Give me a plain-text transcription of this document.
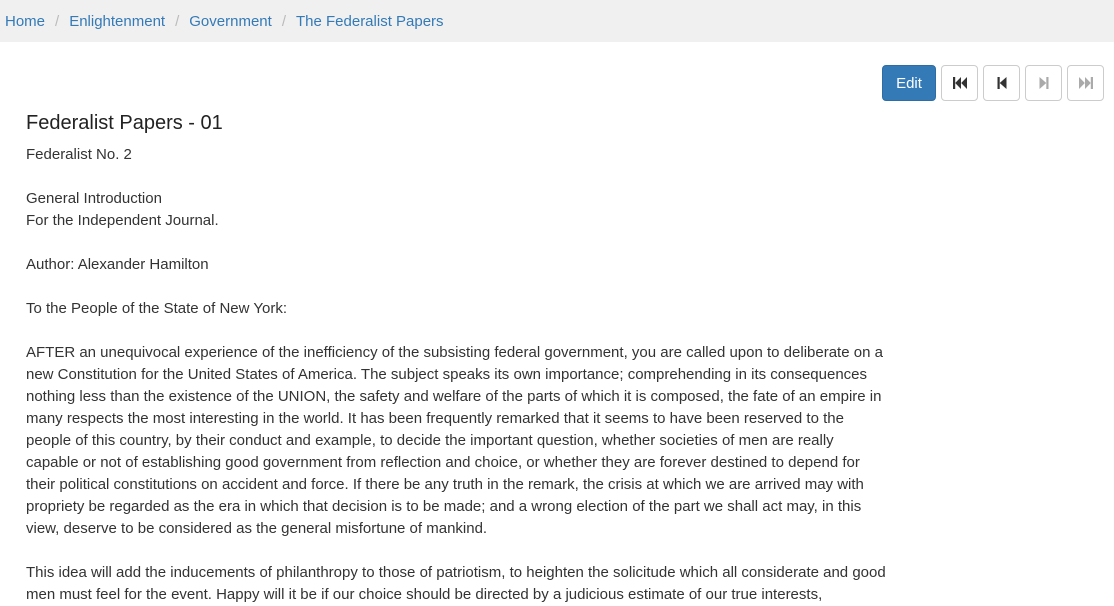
Home / Enlightenment / Government / The Federalist Papers
Edit
Federalist Papers - 01

Federalist No. 2

General Introduction

For the Independent Journal.

Author: Alexander Hamilton

To the People of the State of New York:

AFTER an unequivocal experience of the inefficiency of the subsisting federal government, you are called upon to deliberate on a

new Constitution for the United States of America. The subject speaks its own importance; comprehending in its consequences

nothing less than the existence of the UNION, the safety and welfare of the parts of which it is composed, the fate of an empire in

many respects the most interesting in the world. It has been frequently remarked that it seems to have been reserved to the

people of this country, by their conduct and example, to decide the important question, whether societies of men are really

capable or not of establishing good government from reflection and choice, or whether they are forever destined to depend for

their political constitutions on accident and force. If there be any truth in the remark, the crisis at which we are arrived may with

propriety be regarded as the era in which that decision is to be made; and a wrong election of the part we shall act may, in this

view, deserve to be considered as the general misfortune of mankind.

This idea will add the inducements of philanthropy to those of patriotism, to heighten the solicitude which all considerate and good

men must feel for the event. Happy will it be if our choice should be directed by a judicious estimate of our true interests,
